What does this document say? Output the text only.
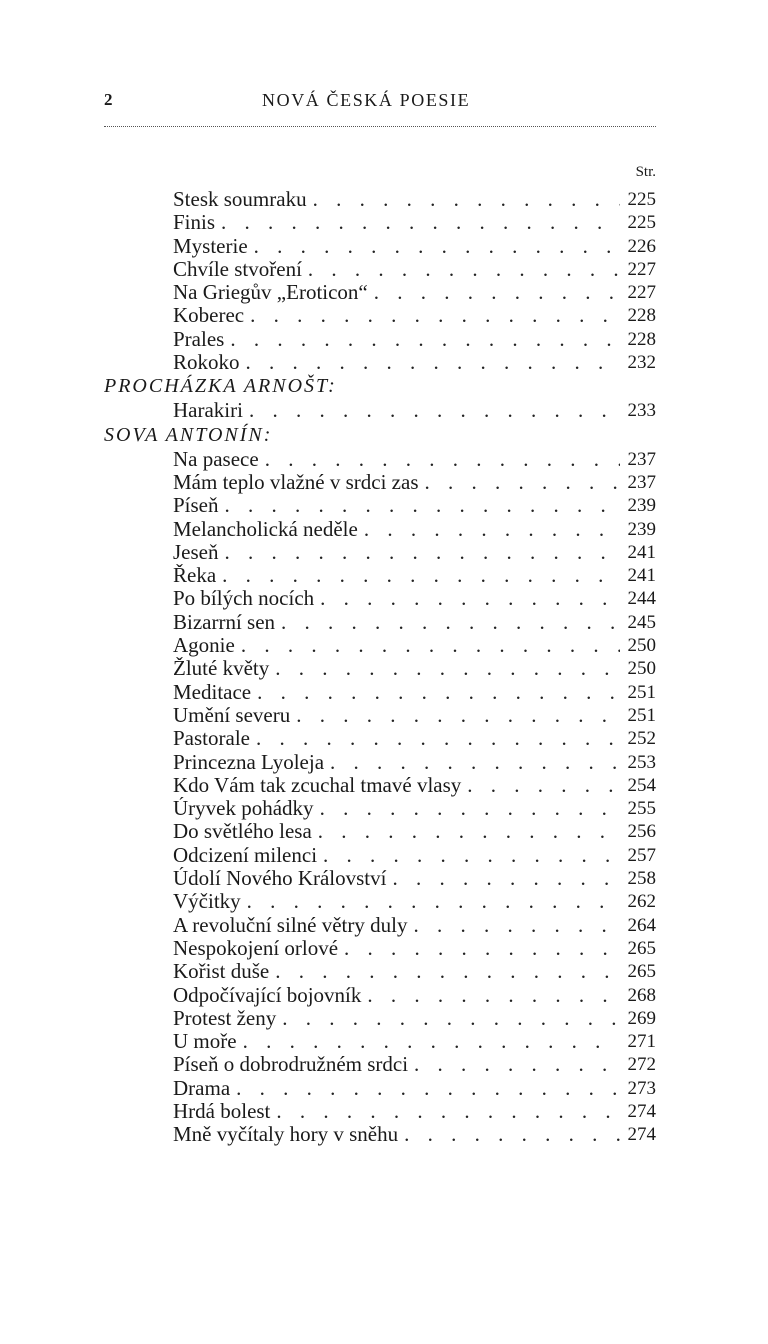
2	NOVÁ ČESKÁ POESIE
Str.
Stesk soumraku . . .	225
Finis . . .	225
Mysterie . . .	226
Chvíle stvoření . . .	227
Na Griegův „Eroticon“ . . .	227
Koberec . . .	228
Prales . . .	228
Rokoko . . .	232
PROCHÁZKA ARNOŠT:
Harakiri . . .	233
SOVA ANTONÍN:
Na pasece . . .	237
Mám teplo vlažné v srdci zas . . .	237
Píseň . . .	239
Melancholická neděle . . .	239
Jeseň . . .	241
Řeka . . .	241
Po bílých nocích . . .	244
Bizarrní sen . . .	245
Agonie . . .	250
Žluté květy . . .	250
Meditace . . .	251
Umění severu . . .	251
Pastorale . . .	252
Princezna Lyoleja . . .	253
Kdo Vám tak zcuchal tmavé vlasy . . .	254
Úryvek pohádky . . .	255
Do světlého lesa . . .	256
Odcizení milenci . . .	257
Údolí Nového Království . . .	258
Výčitky . . .	262
A revoluční silné větry duly . . .	264
Nespokojení orlové . . .	265
Kořist duše . . .	265
Odpočívající bojovník . . .	268
Protest ženy . . .	269
U moře . . .	271
Píseň o dobrodružném srdci . . .	272
Drama . . .	273
Hrdá bolest . . .	274
Mně vyčítaly hory v sněhu . . .	274
